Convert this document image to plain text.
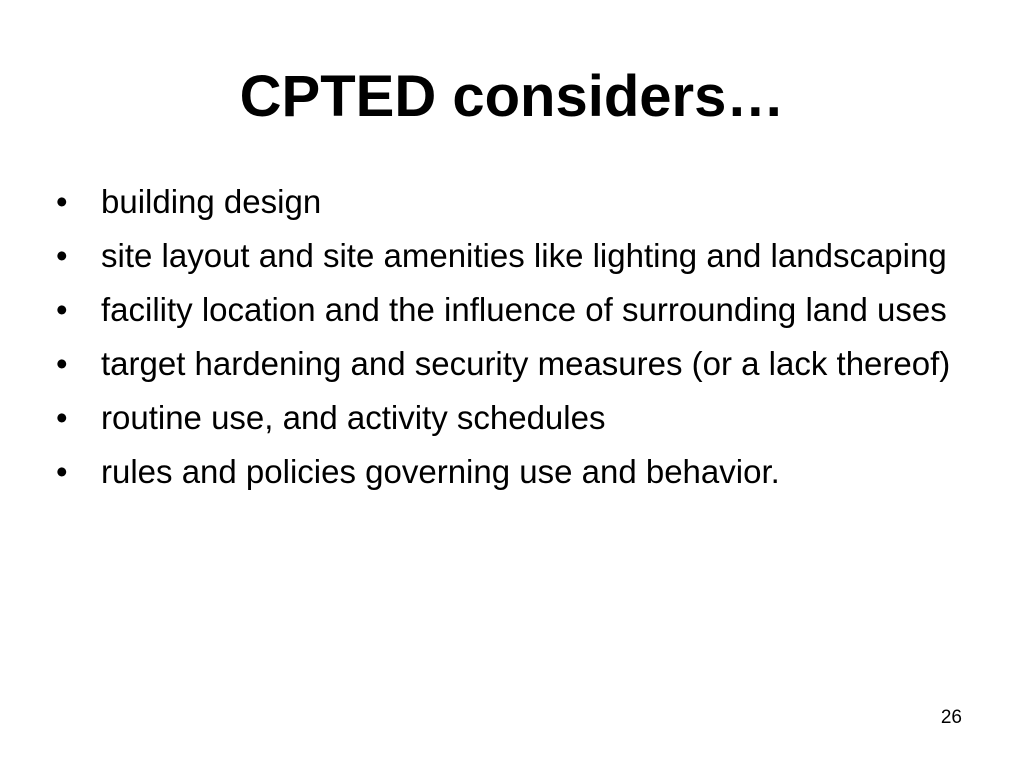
CPTED considers…
•	building design
•	site layout and site amenities like lighting and landscaping
•	facility location and the influence of surrounding land uses
•	target hardening and security measures (or a lack thereof)
•	routine use, and activity schedules
•	rules and policies governing use and behavior.
26
